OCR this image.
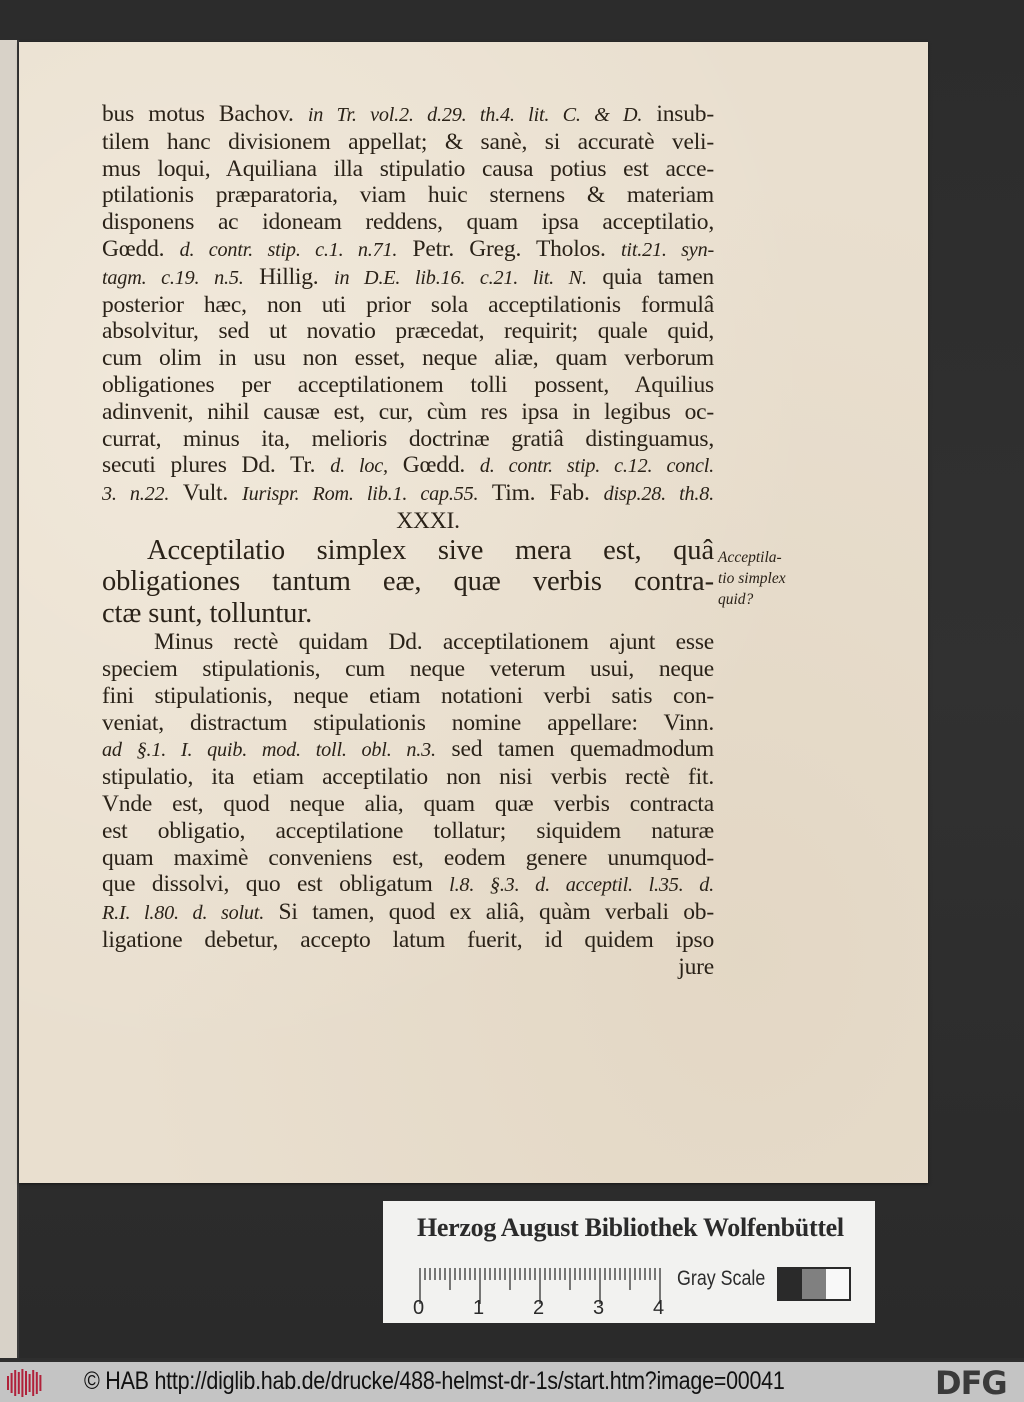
bus motus Bachov. in Tr. vol.2. d.29. th.4. lit. C. & D. insub-
tilem hanc divisionem appellat; & sanè, si accuratè veli-
mus loqui, Aquiliana illa stipulatio causa potius est acce-
ptilationis præparatoria, viam huic sternens & materiam
disponens ac idoneam reddens, quam ipsa acceptilatio,
Gœdd. d. contr. stip. c.1. n.71. Petr. Greg. Tholos. tit.21. syn-
tagm. c.19. n.5. Hillig. in D.E. lib.16. c.21. lit. N. quia tamen
posterior hæc, non uti prior sola acceptilationis formulâ
absolvitur, sed ut novatio præcedat, requirit; quale quid,
cum olim in usu non esset, neque aliæ, quam verborum
obligationes per acceptilationem tolli possent, Aquilius
adinvenit, nihil causæ est, cur, cùm res ipsa in legibus oc-
currat, minus ita, melioris doctrinæ gratiâ distinguamus,
secuti plures Dd. Tr. d. loc, Gœdd. d. contr. stip. c.12. concl.
3. n.22. Vult. Iurispr. Rom. lib.1. cap.55. Tim. Fab. disp.28. th.8.
XXXI.
Acceptilatio simplex sive mera est, quâ
obligationes tantum eæ, quæ verbis contra-
ctæ sunt, tolluntur.
Minus rectè quidam Dd. acceptilationem ajunt esse
speciem stipulationis, cum neque veterum usui, neque
fini stipulationis, neque etiam notationi verbi satis con-
veniat, distractum stipulationis nomine appellare: Vinn.
ad §.1. I. quib. mod. toll. obl. n.3. sed tamen quemadmodum
stipulatio, ita etiam acceptilatio non nisi verbis rectè fit.
Vnde est, quod neque alia, quam quæ verbis contracta
est obligatio, acceptilatione tollatur; siquidem naturæ
quam maximè conveniens est, eodem genere unumquod-
que dissolvi, quo est obligatum l.8. §.3. d. acceptil. l.35. d.
R.I. l.80. d. solut. Si tamen, quod ex aliâ, quàm verbali ob-
ligatione debetur, accepto latum fuerit, id quidem ipso
jure
Acceptila-
tio simplex
quid?
Herzog August Bibliothek Wolfenbüttel
0 1 2 3 4
Gray Scale
© HAB http://diglib.hab.de/drucke/488-helmst-dr-1s/start.htm?image=00041	DFG
